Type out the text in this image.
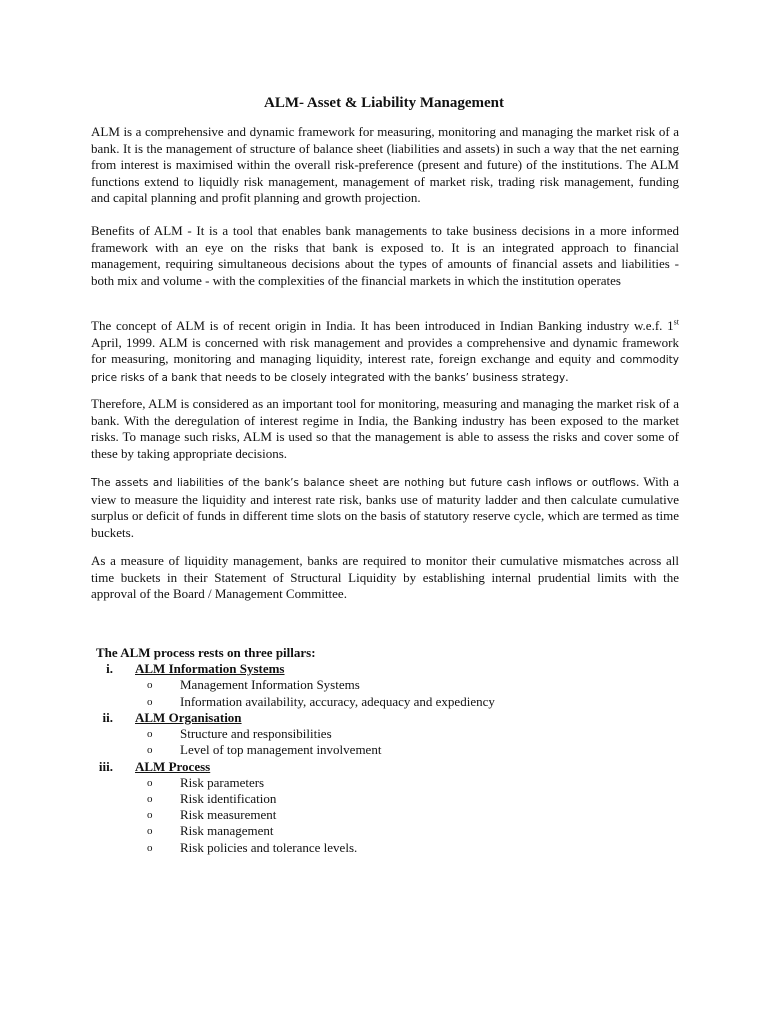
ALM- Asset & Liability Management

ALM is a comprehensive and dynamic framework for measuring, monitoring and managing the market risk of a bank. It is the management of structure of balance sheet (liabilities and assets) in such a way that the net earning from interest is maximised within the overall risk-preference (present and future) of the institutions. The ALM functions extend to liquidly risk management, management of market risk, trading risk management, funding and capital planning and profit planning and growth projection.

Benefits of ALM - It is a tool that enables bank managements to take business decisions in a more informed framework with an eye on the risks that bank is exposed to. It is an integrated approach to financial management, requiring simultaneous decisions about the types of amounts of financial assets and liabilities - both mix and volume - with the complexities of the financial markets in which the institution operates

The concept of ALM is of recent origin in India. It has been introduced in Indian Banking industry w.e.f. 1st April, 1999. ALM is concerned with risk management and provides a comprehensive and dynamic framework for measuring, monitoring and managing liquidity, interest rate, foreign exchange and equity and commodity price risks of a bank that needs to be closely integrated with the banks’ business strategy.

Therefore, ALM is considered as an important tool for monitoring, measuring and managing the market risk of a bank. With the deregulation of interest regime in India, the Banking industry has been exposed to the market risks. To manage such risks, ALM is used so that the management is able to assess the risks and cover some of these by taking appropriate decisions.

The assets and liabilities of the bank’s balance sheet are nothing but future cash inflows or outflows. With a view to measure the liquidity and interest rate risk, banks use of maturity ladder and then calculate cumulative surplus or deficit of funds in different time slots on the basis of statutory reserve cycle, which are termed as time buckets.

As a measure of liquidity management, banks are required to monitor their cumulative mismatches across all time buckets in their Statement of Structural Liquidity by establishing internal prudential limits with the approval of the Board / Management Committee.

The ALM process rests on three pillars:
i. ALM Information Systems
o Management Information Systems
o Information availability, accuracy, adequacy and expediency
ii. ALM Organisation
o Structure and responsibilities
o Level of top management involvement
iii. ALM Process
o Risk parameters
o Risk identification
o Risk measurement
o Risk management
o Risk policies and tolerance levels.
